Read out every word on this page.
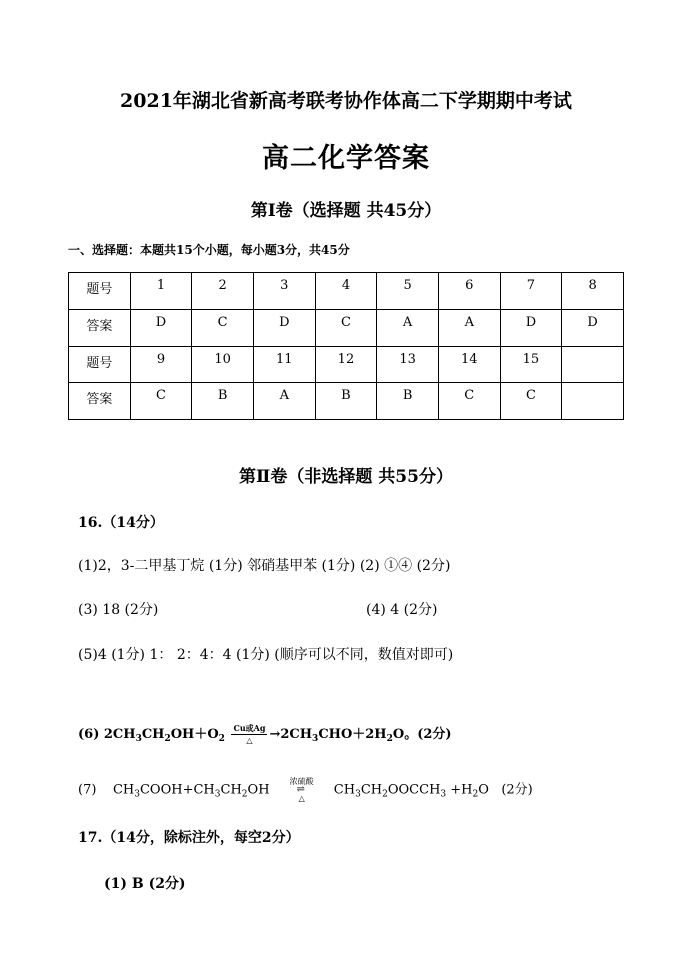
2021年湖北省新高考联考协作体高二下学期期中考试
高二化学答案
第Ⅰ卷（选择题 共45分）
一、选择题：本题共15个小题，每小题3分，共45分
题号	1	2	3	4	5	6	7	8
答案	D	C	D	C	A	A	D	D
题号	9	10	11	12	13	14	15	
答案	C	B	A	B	B	C	C	
第Ⅱ卷（非选择题 共55分）
16.（14分）
(1)2，3-二甲基丁烷 (1分) 邻硝基甲苯 (1分) (2) ①④ (2分)
(3) 18 (2分)	(4) 4 (2分)
(5)4 (1分) 1： 2：4：4 (1分) (顺序可以不同，数值对即可)
(6) $2CH_3CH_2OH+O_2$
Cu或Ag
△	$\to 2CH_3CHO+2H_2O$。(2分)
(7)    $CH_3COOH+CH_3CH_2OH$
浓硫酸
⇌
△
$CH_3CH_2OOCCH_3 +H_2O$   (2分)
17.（14分，除标注外，每空2分）
(1) B (2分)
